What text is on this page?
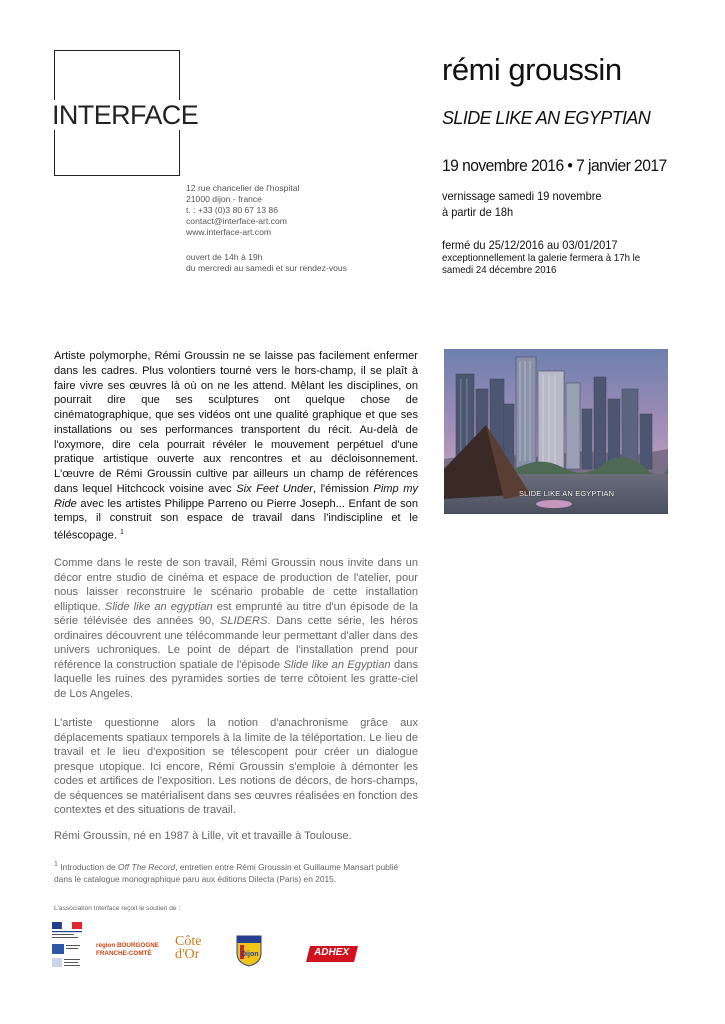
INTERFACE
12 rue chancelier de l'hospital
21000 dijon - france
t. : +33 (0)3 80 67 13 86
contact@interface-art.com
www.interface-art.com
ouvert de 14h à 19h
du mercredi au samedi et sur rendez-vous
rémi groussin
SLIDE LIKE AN EGYPTIAN
19 novembre 2016 • 7 janvier 2017
vernissage samedi 19 novembre
à partir de 18h
fermé du 25/12/2016 au 03/01/2017
exceptionnellement la galerie fermera à 17h le
samedi 24 décembre 2016
SLIDE LIKE AN EGYPTIAN
Artiste polymorphe, Rémi Groussin ne se laisse pas facilement enfermer dans les cadres. Plus volontiers tourné vers le hors-champ, il se plaît à faire vivre ses œuvres là où on ne les attend. Mêlant les disciplines, on pourrait dire que ses sculptures ont quelque chose de cinématographique, que ses vidéos ont une qualité graphique et que ses installations ou ses performances transportent du récit. Au-delà de l'oxymore, dire cela pourrait révéler le mouvement perpétuel d'une pratique artistique ouverte aux rencontres et au décloisonnement. L'œuvre de Rémi Groussin cultive par ailleurs un champ de références dans lequel Hitchcock voisine avec Six Feet Under, l'émission Pimp my Ride avec les artistes Philippe Parreno ou Pierre Joseph... Enfant de son temps, il construit son espace de travail dans l'indiscipline et le téléscopage. $^1$
Comme dans le reste de son travail, Rémi Groussin nous invite dans un décor entre studio de cinéma et espace de production de l'atelier, pour nous laisser reconstruire le scénario probable de cette installation elliptique. Slide like an egyptian est emprunté au titre d'un épisode de la série télévisée des années 90, SLIDERS. Dans cette série, les héros ordinaires découvrent une télécommande leur permettant d'aller dans des univers uchroniques. Le point de départ de l'installation prend pour référence la construction spatiale de l'épisode Slide like an Egyptian dans laquelle les ruines des pyramides sorties de terre côtoient les gratte-ciel de Los Angeles.
L'artiste questionne alors la notion d'anachronisme grâce aux déplacements spatiaux temporels à la limite de la téléportation. Le lieu de travail et le lieu d'exposition se télescopent pour créer un dialogue presque utopique. Ici encore, Rémi Groussin s'emploie à démonter les codes et artifices de l'exposition. Les notions de décors, de hors-champs, de séquences se matérialisent dans ses œuvres réalisées en fonction des contextes et des situations de travail.
Rémi Groussin, né en 1987 à Lille, vit et travaille à Toulouse.
$^1$ Introduction de Off The Record, entretien entre Rémi Groussin et Guillaume Mansart publié dans le catalogue monographique paru aux éditions Dilecta (Paris) en 2015.
L'association Interface reçoit le soutien de :
région BOURGOGNE
FRANCHE-COMTÉ
Côte
d'Or	Dijon	ADHEX
